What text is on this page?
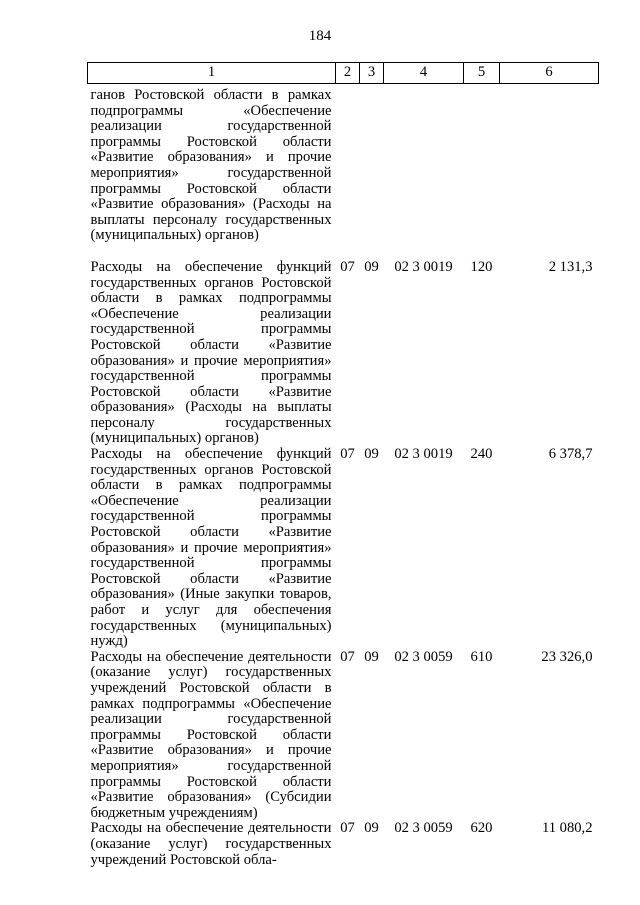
184
1	2	3	4	5	6
ганов Ростовской области в рамках подпрограммы «Обеспечение реализации государственной программы Ростовской области «Развитие образования» и прочие мероприятия» государственной программы Ростовской области «Развитие образования» (Расходы на выплаты персоналу государственных (муниципальных) органов)					
Расходы на обеспечение функций государственных органов Ростовской области в рамках подпрограммы «Обеспечение реализации государственной программы Ростовской области «Развитие образования» и прочие мероприятия» государственной программы Ростовской области «Развитие образования» (Расходы на выплаты персоналу государственных (муниципальных) органов)	07	09	02 3 0019	120	2 131,3
Расходы на обеспечение функций государственных органов Ростовской области в рамках подпрограммы «Обеспечение реализации государственной программы Ростовской области «Развитие образования» и прочие мероприятия» государственной программы Ростовской области «Развитие образования» (Иные закупки товаров, работ и услуг для обеспечения государственных (муниципальных) нужд)	07	09	02 3 0019	240	6 378,7
Расходы на обеспечение деятельности (оказание услуг) государственных учреждений Ростовской области в рамках подпрограммы «Обеспечение реализации государственной программы Ростовской области «Развитие образования» и прочие мероприятия» государственной программы Ростовской области «Развитие образования» (Субсидии бюджетным учреждениям)	07	09	02 3 0059	610	23 326,0
Расходы на обеспечение деятельности (оказание услуг) государственных учреждений Ростовской обла-	07	09	02 3 0059	620	11 080,2
